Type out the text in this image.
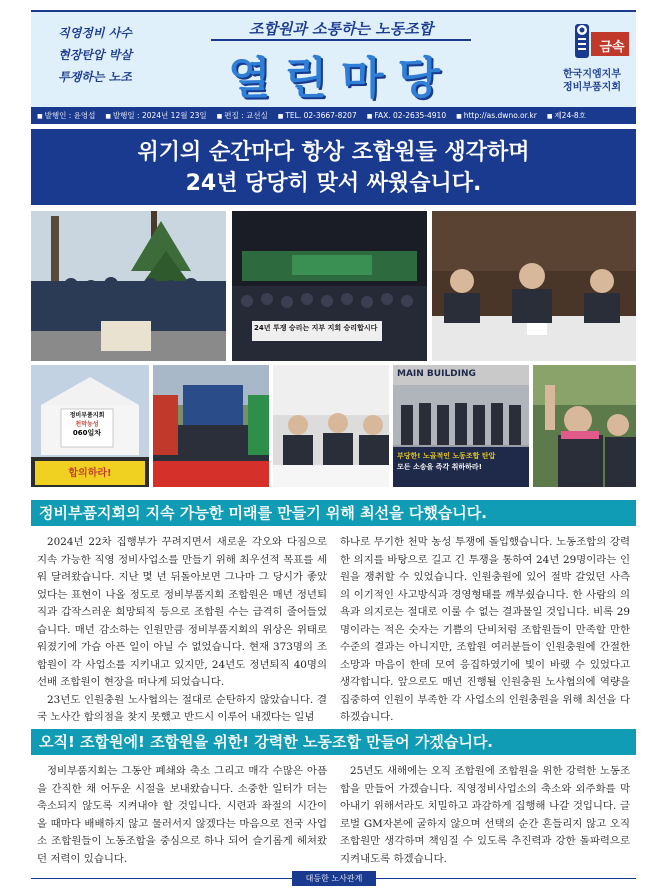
직영정비 사수
현장탄압 박살
투쟁하는 노조
조합원과 소통하는 노동조합
열린마당
금속
한국지엠지부
정비부품지회
■ 발행인 : 윤영섭	■ 발행일 : 2024년 12월 23일	■ 편집 : 교선실	■ TEL. 02-3667-8207	■ FAX. 02-2635-4910	■ http://as.dwno.or.kr	■ 제24-8호
위기의 순간마다 항상 조합원들 생각하며
24년 당당히 맞서 싸웠습니다.
24년 투쟁 승리는 지부 지회 승리합시다
정비부품지회
천막농성
060일차
합의하라!
MAIN BUILDING
부당한! 노골적인 노동조합 탄압
모든 소송을 즉각 취하하라!
정비부품지회의 지속 가능한 미래를 만들기 위해 최선을 다했습니다.

2024년 22차 집행부가 꾸려지면서 새로운 각오와 다짐으로 지속 가능한 직영 정비사업소를 만들기 위해 최우선적 목표를 세워 달려왔습니다. 지난 몇 년 뒤돌아보면 그나마 그 당시가 좋았었다는 표현이 나올 정도로 정비부품지회 조합원은 매년 정년퇴직과 갑작스러운 희망퇴직 등으로 조합원 수는 급격히 줄어들었습니다. 매년 감소하는 인원만큼 정비부품지회의 위상은 위태로워졌기에 가슴 아픈 일이 아닐 수 없었습니다. 현재 373명의 조합원이 각 사업소를 지키내고 있지만, 24년도 정년퇴직 40명의 선배 조합원이 현장을 떠나게 되었습니다.

23년도 인원충원 노사협의는 절대로 순탄하지 않았습니다. 결국 노사간 합의점을 찾지 못했고 반드시 이루어 내겠다는 일념

하나로 무기한 천막 농성 투쟁에 돌입했습니다. 노동조합의 강력한 의지를 바탕으로 길고 긴 투쟁을 통하여 24년 29명이라는 인원을 쟁취할 수 있었습니다. 인원충원에 있어 절박 갈었던 사측의 이기적인 사고방식과 경영형태를 깨부쉈습니다. 한 사람의 의욕과 의지로는 절대로 이룰 수 없는 결과물일 것입니다. 비록 29명이라는 적은 숫자는 기쁨의 단비처럼 조합원들이 만족할 만한 수준의 결과는 아니지만, 조합원 여러분들이 인원충원에 간절한 소망과 마음이 한데 모여 응집하였기에 빛이 바랬 수 있었다고 생각합니다. 앞으로도 매년 진행될 인원충원 노사협의에 역량을 집중하여 인원이 부족한 각 사업소의 인원충원을 위해 최선을 다하겠습니다.

오직! 조합원에! 조합원을 위한! 강력한 노동조합 만들어 가겠습니다.

정비부품지회는 그동안 폐쇄와 축소 그리고 매각 수많은 아픔을 간직한 채 어두운 시절을 보내왔습니다. 소중한 일터가 더는 축소되지 않도록 지켜내야 할 것입니다. 시련과 좌절의 시간이 올 때마다 배배하지 않고 물러서지 않겠다는 마음으로 전국 사업소 조합원들이 노동조합을 중심으로 하나 되어 슬기롭게 헤쳐왔던 저력이 있습니다.

25년도 새해에는 오직 조합원에 조합원을 위한 강력한 노동조합을 만들어 가겠습니다. 직영정비사업소의 축소와 외주화를 막아내기 위해서라도 치밀하고 과감하게 집행해 나갈 것입니다. 글로벌 GM자본에 굴하지 않으며 선택의 순간 흔들리지 않고 오직 조합원만 생각하며 책임질 수 있도록 추진력과 강한 돌파력으로 지켜내도록 하겠습니다.

대등한 노사관계
